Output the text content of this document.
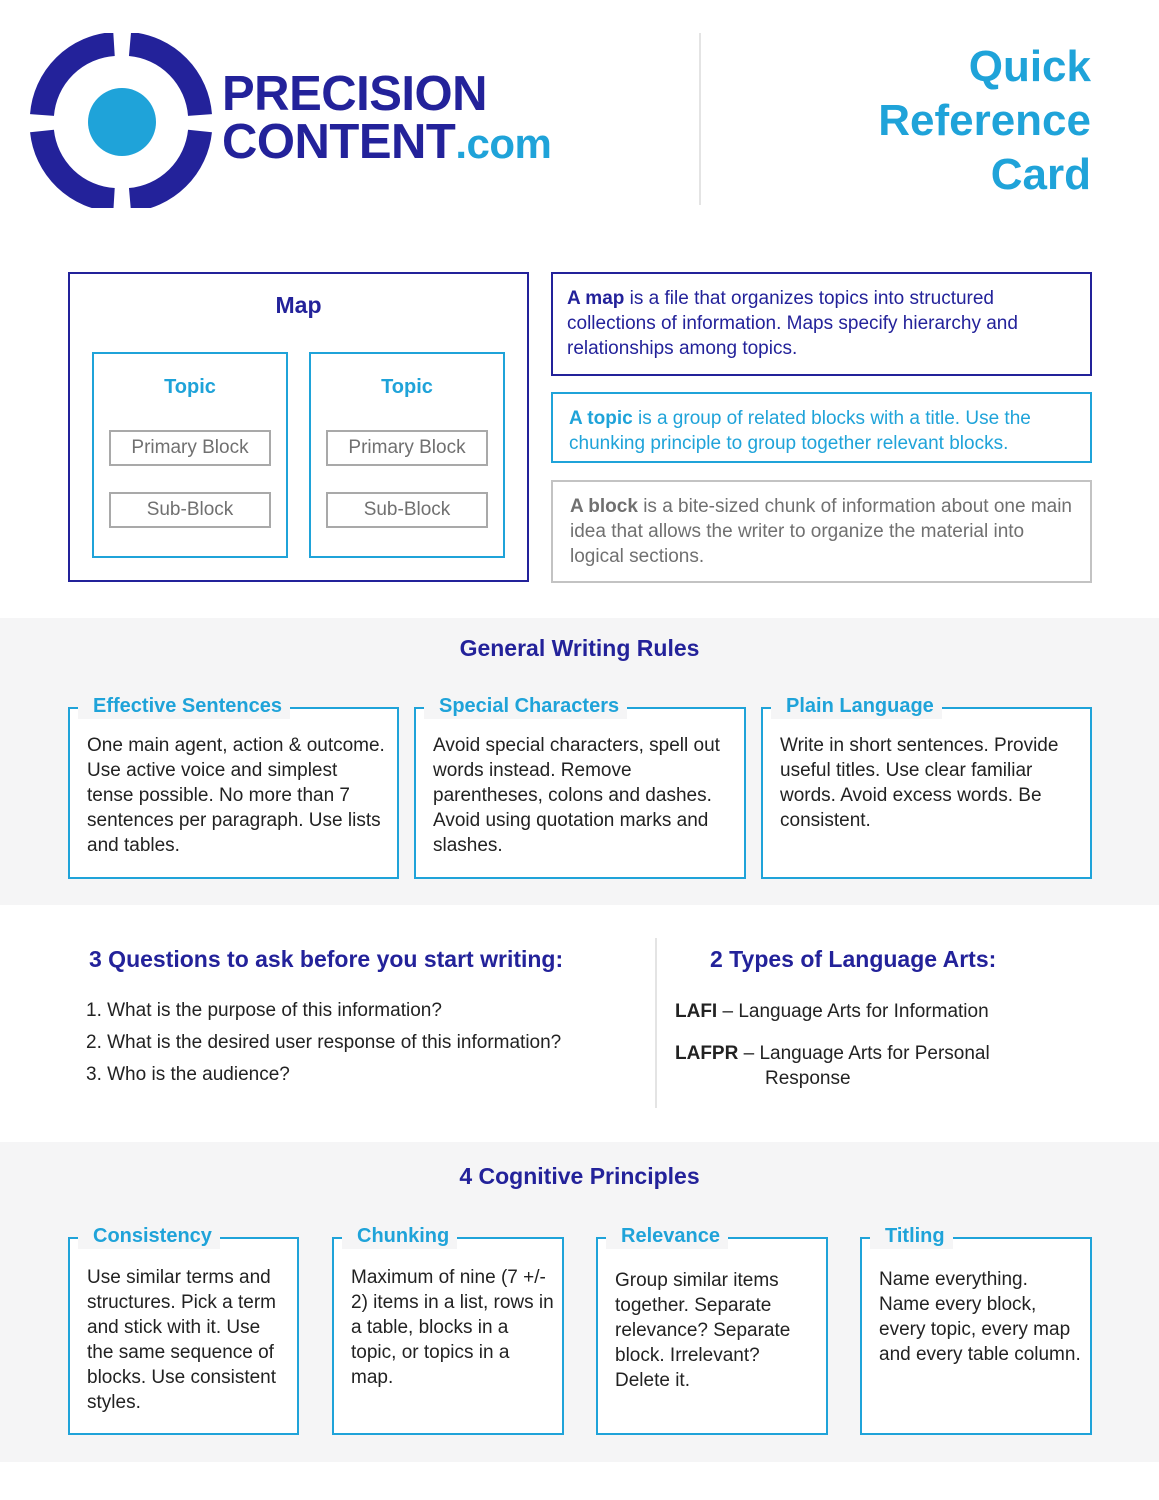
PRECISION
CONTENT.com
Quick
Reference
Card
Map
Topic
Primary Block
Sub-Block
Topic
Primary Block
Sub-Block
A map is a file that organizes topics into structured collections of information. Maps specify hierarchy and relationships among topics.
A topic is a group of related blocks with a title. Use the chunking principle to group together relevant blocks.
A block is a bite-sized chunk of information about one main idea that allows the writer to organize the material into logical sections.
General Writing Rules
Effective Sentences
One main agent, action & outcome. Use active voice and simplest tense possible. No more than 7 sentences per paragraph. Use lists and tables.
Special Characters
Avoid special characters, spell out words instead. Remove parentheses, colons and dashes. Avoid using quotation marks and slashes.
Plain Language
Write in short sentences. Provide useful titles. Use clear familiar words. Avoid excess words. Be consistent.
3 Questions to ask before you start writing:
1. What is the purpose of this information?
2. What is the desired user response of this information?
3. Who is the audience?
2 Types of Language Arts:
LAFI – Language Arts for Information
LAFPR – Language Arts for Personal
Response
4 Cognitive Principles
Consistency
Use similar terms and structures. Pick a term and stick with it. Use the same sequence of blocks. Use consistent styles.
Chunking
Maximum of nine (7 +/- 2) items in a list, rows in a table, blocks in a topic, or topics in a map.
Relevance
Group similar items together. Separate relevance? Separate block. Irrelevant? Delete it.
Titling
Name everything. Name every block, every topic, every map and every table column.
